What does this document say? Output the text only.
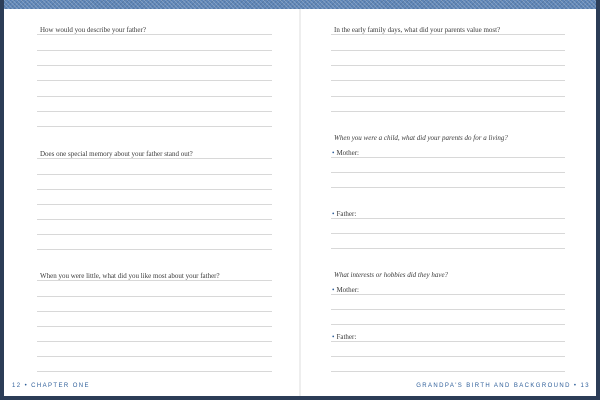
How would you describe your father?
Does one special memory about your father stand out?
When you were little, what did you like most about your father?
12 • CHAPTER ONE
In the early family days, what did your parents value most?
When you were a child, what did your parents do for a living?
• Mother:
• Father:
What interests or hobbies did they have?
• Mother:
• Father:
GRANDPA'S BIRTH AND BACKGROUND • 13
